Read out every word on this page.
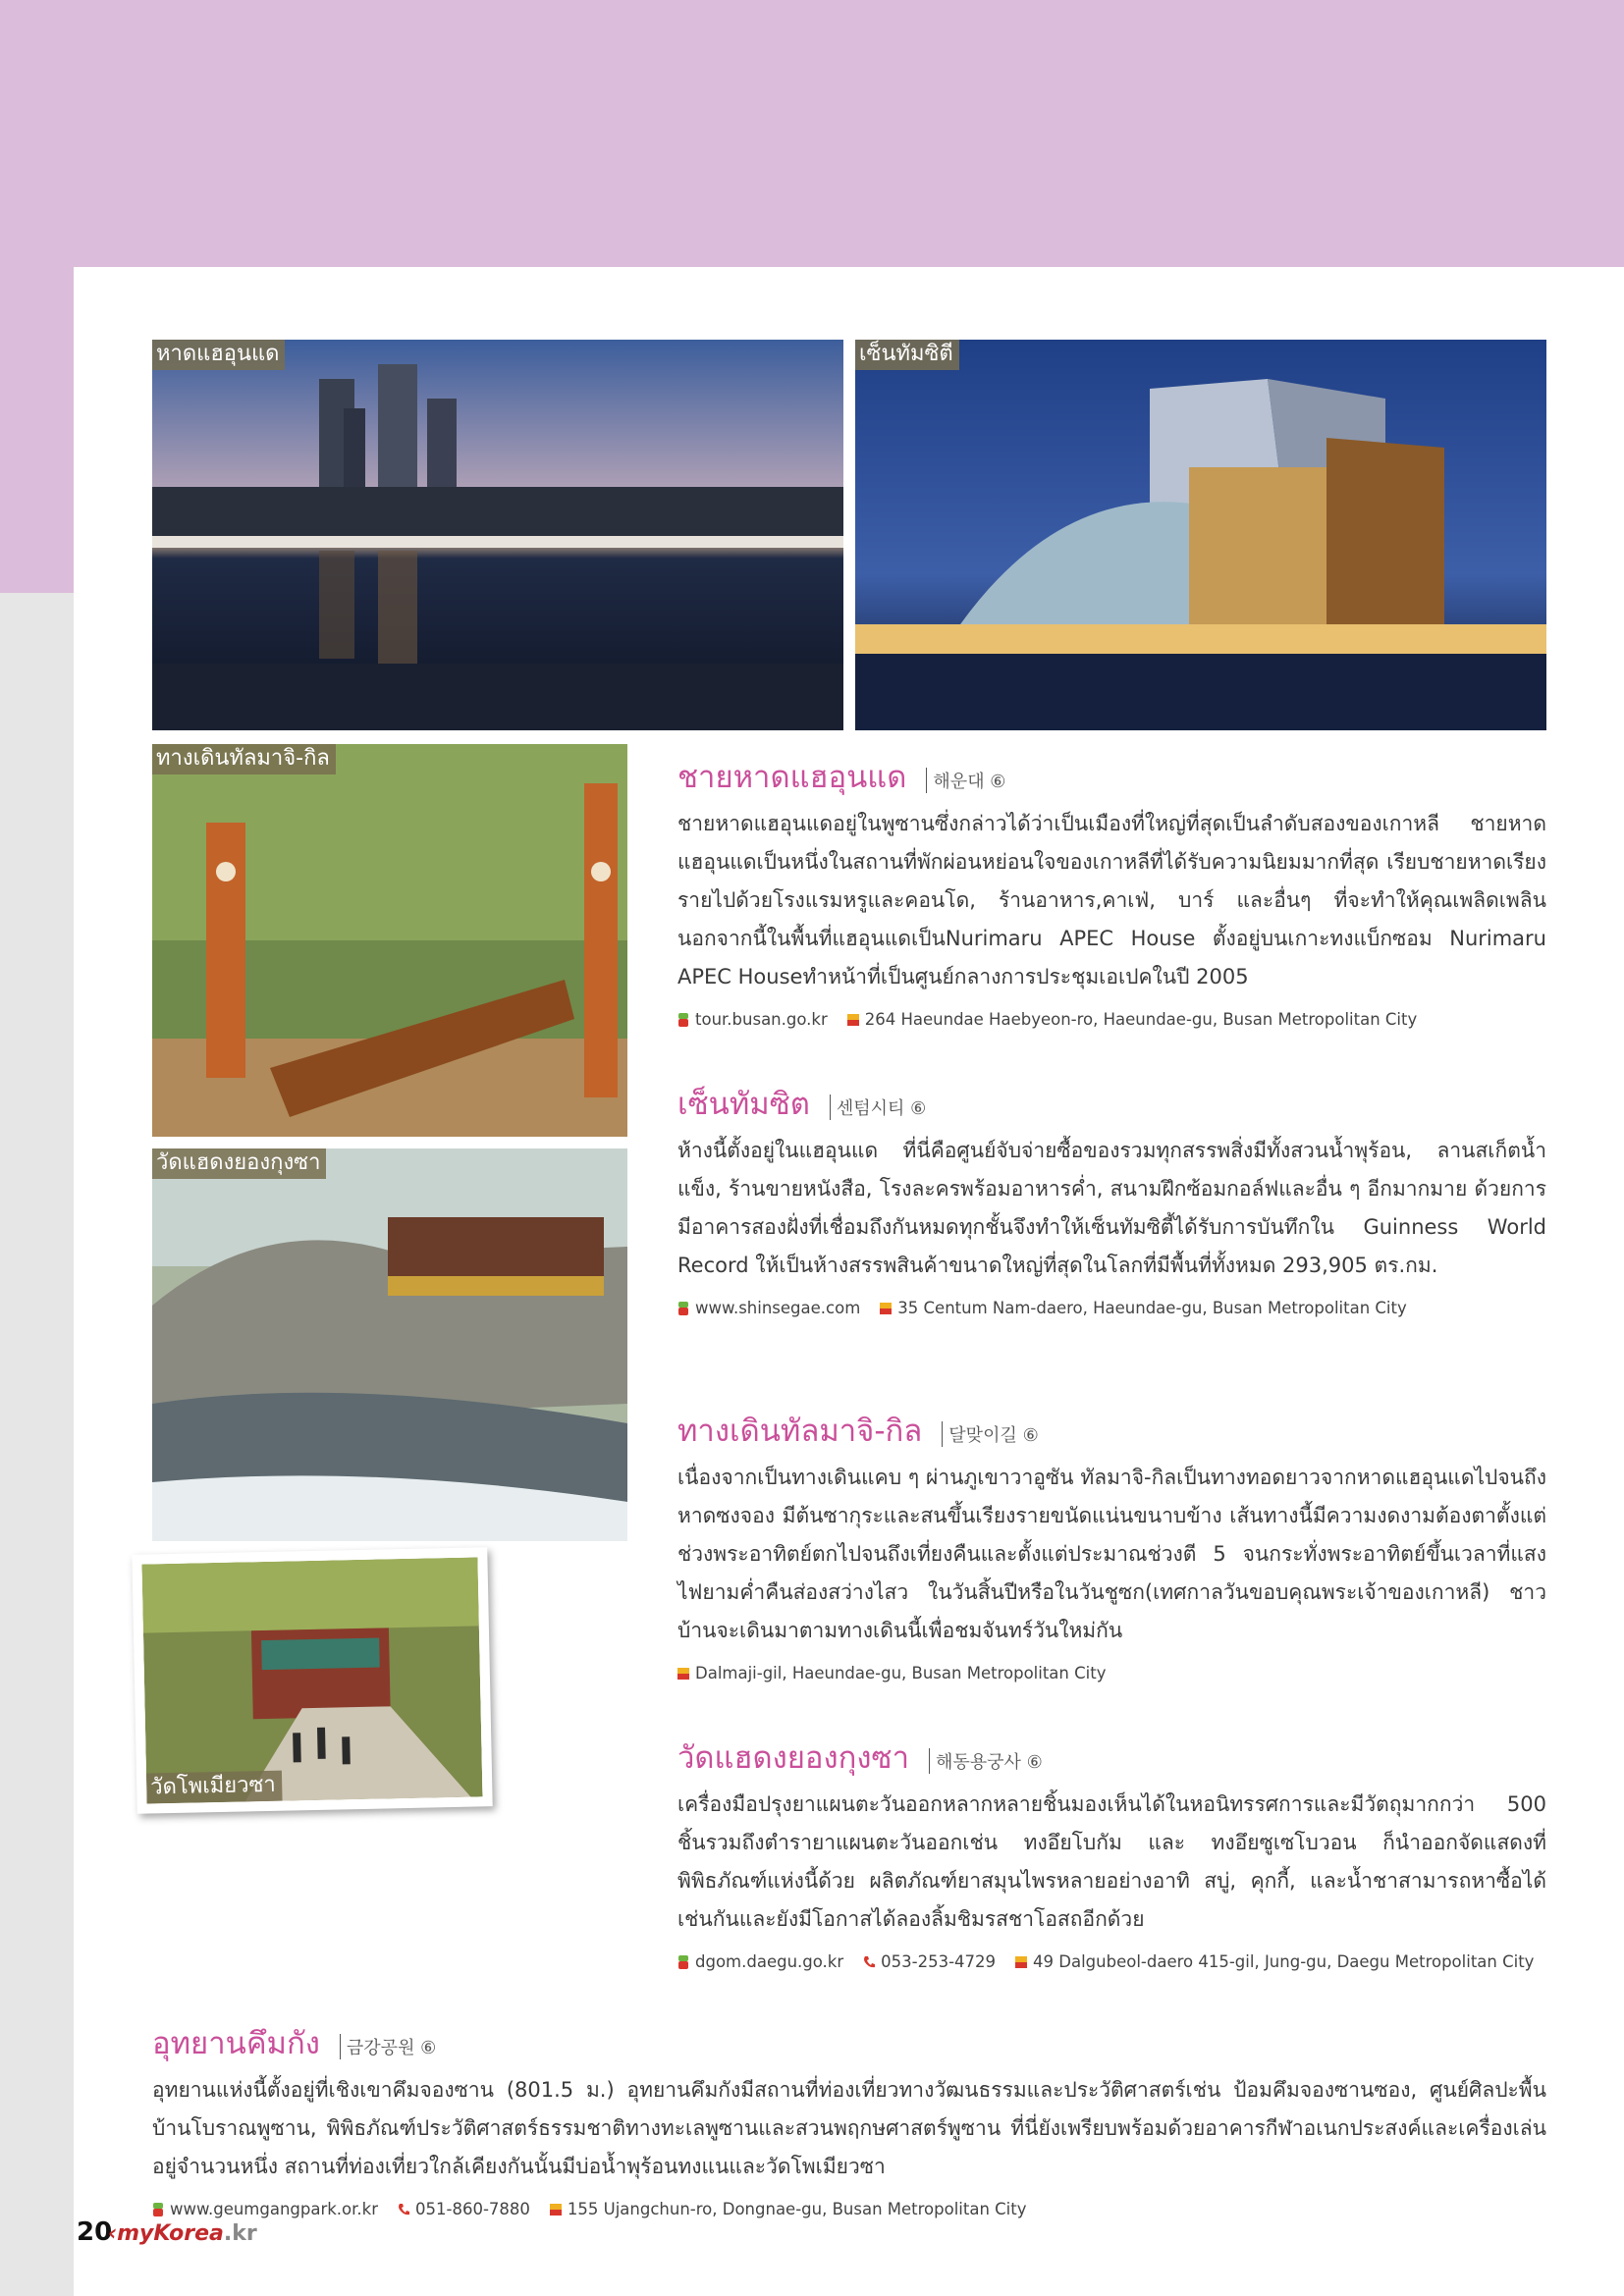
หาดแฮอุนแด	เซ็นทัมซิตี
ทางเดินทัลมาจิ-กิล
วัดแฮดงยองกุงซา
วัดโพเมียวซา
ชายหาดแฮอุนแด	해운대 ⑥

ชายหาดแฮอุนแดอยู่ในพูซานซึ่งกล่าวได้ว่าเป็นเมืองที่ใหญ่ที่สุดเป็นลำดับสองของเกาหลี ชายหาดแฮอุนแดเป็นหนึ่งในสถานที่พักผ่อนหย่อนใจของเกาหลีที่ได้รับความนิยมมากที่สุด เรียบชายหาดเรียงรายไปด้วยโรงแรมหรูและคอนโด, ร้านอาหาร,คาเฟ่, บาร์ และอื่นๆ ที่จะทำให้คุณเพลิดเพลิน นอกจากนี้ในพื้นที่แฮอุนแดเป็นNurimaru APEC House ตั้งอยู่บนเกาะทงแบ็กซอม Nurimaru APEC Houseทำหน้าที่เป็นศูนย์กลางการประชุมเอเปคในปี 2005

tour.busan.go.kr 264 Haeundae Haebyeon-ro, Haeundae-gu, Busan Metropolitan City
เซ็นทัมซิต	센텀시티 ⑥

ห้างนี้ตั้งอยู่ในแฮอุนแด ที่นี่คือศูนย์จับจ่ายซื้อของรวมทุกสรรพสิ่งมีทั้งสวนน้ำพุร้อน, ลานสเก็ตน้ำแข็ง, ร้านขายหนังสือ, โรงละครพร้อมอาหารค่ำ, สนามฝึกซ้อมกอล์ฟและอื่น ๆ อีกมากมาย ด้วยการมีอาคารสองฝั่งที่เชื่อมถึงกันหมดทุกชั้นจึงทำให้เซ็นทัมซิตี้ได้รับการบันทึกใน Guinness World Record ให้เป็นห้างสรรพสินค้าขนาดใหญ่ที่สุดในโลกที่มีพื้นที่ทั้งหมด 293,905 ตร.กม.

www.shinsegae.com 35 Centum Nam-daero, Haeundae-gu, Busan Metropolitan City
ทางเดินทัลมาจิ-กิล	달맞이길 ⑥

เนื่องจากเป็นทางเดินแคบ ๆ ผ่านภูเขาวาอูซัน ทัลมาจิ-กิลเป็นทางทอดยาวจากหาดแฮอุนแดไปจนถึงหาดซงจอง มีต้นซากุระและสนขึ้นเรียงรายขนัดแน่นขนาบข้าง เส้นทางนี้มีความงดงามต้องตาตั้งแต่ช่วงพระอาทิตย์ตกไปจนถึงเที่ยงคืนและตั้งแต่ประมาณช่วงตี 5 จนกระทั่งพระอาทิตย์ขึ้นเวลาที่แสงไฟยามค่ำคืนส่องสว่างไสว ในวันสิ้นปีหรือในวันชูซก(เทศกาลวันขอบคุณพระเจ้าของเกาหลี) ชาวบ้านจะเดินมาตามทางเดินนี้เพื่อชมจันทร์วันใหม่กัน

Dalmaji-gil, Haeundae-gu, Busan Metropolitan City
วัดแฮดงยองกุงซา	해동용궁사 ⑥

เครื่องมือปรุงยาแผนตะวันออกหลากหลายชิ้นมองเห็นได้ในหอนิทรรศการและมีวัตถุมากกว่า 500 ชิ้นรวมถึงตำรายาแผนตะวันออกเช่น ทงอึยโบกัม และ ทงอึยซูเซโบวอน ก็นำออกจัดแสดงที่พิพิธภัณฑ์แห่งนี้ด้วย ผลิตภัณฑ์ยาสมุนไพรหลายอย่างอาทิ สบู่, คุกกี้, และน้ำชาสามารถหาซื้อได้เช่นกันและยังมีโอกาสได้ลองลิ้มชิมรสชาโอสถอีกด้วย

dgom.daegu.go.kr 053-253-4729 49 Dalgubeol-daero 415-gil, Jung-gu, Daegu Metropolitan City
อุทยานคึมกัง	금강공원 ⑥

อุทยานแห่งนี้ตั้งอยู่ที่เชิงเขาคึมจองซาน (801.5 ม.) อุทยานคึมกังมีสถานที่ท่องเที่ยวทางวัฒนธรรมและประวัติศาสตร์เช่น ป้อมคึมจองซานซอง, ศูนย์ศิลปะพื้นบ้านโบราณพูซาน, พิพิธภัณฑ์ประวัติศาสตร์ธรรมชาติทางทะเลพูซานและสวนพฤกษศาสตร์พูซาน ที่นี่ยังเพรียบพร้อมด้วยอาคารกีฬาอเนกประสงค์และเครื่องเล่นอยู่จำนวนหนึ่ง สถานที่ท่องเที่ยวใกล้เคียงกันนั้นมีบ่อน้ำพุร้อนทงแนและวัดโพเมียวซา

www.geumgangpark.or.kr 051-860-7880 155 Ujangchun-ro, Dongnae-gu, Busan Metropolitan City
20
‹myKorea.kr
